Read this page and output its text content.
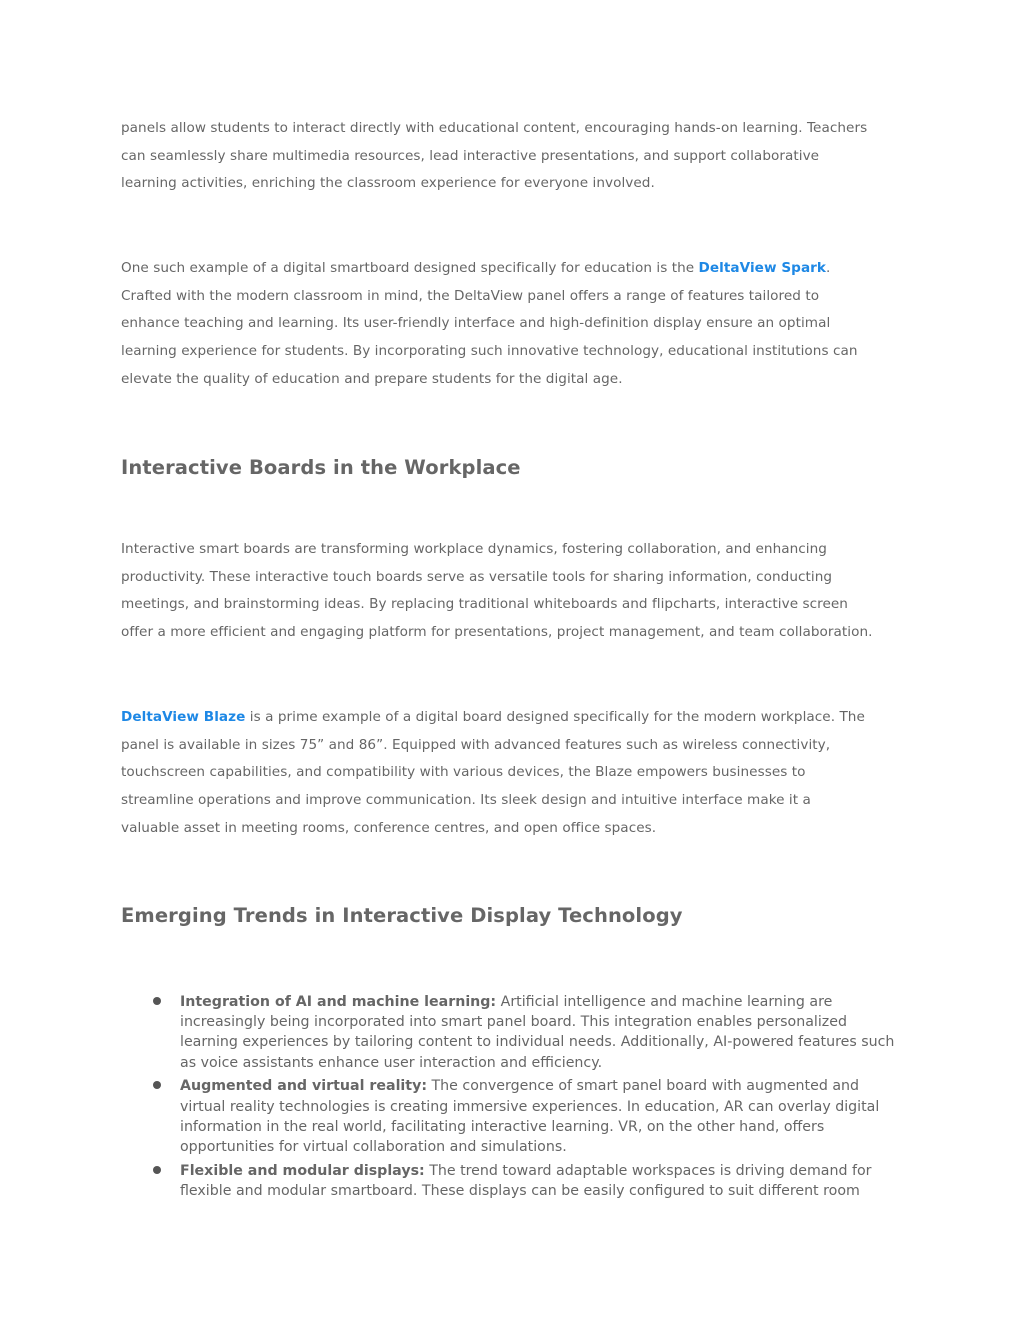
panels allow students to interact directly with educational content, encouraging hands-on learning. Teachers

can seamlessly share multimedia resources, lead interactive presentations, and support collaborative

learning activities, enriching the classroom experience for everyone involved.

One such example of a digital smartboard designed specifically for education is the DeltaView Spark.

Crafted with the modern classroom in mind, the DeltaView panel offers a range of features tailored to

enhance teaching and learning. Its user-friendly interface and high-definition display ensure an optimal

learning experience for students. By incorporating such innovative technology, educational institutions can

elevate the quality of education and prepare students for the digital age.

Interactive Boards in the Workplace

Interactive smart boards are transforming workplace dynamics, fostering collaboration, and enhancing

productivity. These interactive touch boards serve as versatile tools for sharing information, conducting

meetings, and brainstorming ideas. By replacing traditional whiteboards and flipcharts, interactive screen

offer a more efficient and engaging platform for presentations, project management, and team collaboration.

DeltaView Blaze is a prime example of a digital board designed specifically for the modern workplace. The

panel is available in sizes 75” and 86”. Equipped with advanced features such as wireless connectivity,

touchscreen capabilities, and compatibility with various devices, the Blaze empowers businesses to

streamline operations and improve communication. Its sleek design and intuitive interface make it a

valuable asset in meeting rooms, conference centres, and open office spaces.

Emerging Trends in Interactive Display Technology
Integration of AI and machine learning: Artificial intelligence and machine learning are
increasingly being incorporated into smart panel board. This integration enables personalized
learning experiences by tailoring content to individual needs. Additionally, AI-powered features such
as voice assistants enhance user interaction and efficiency.
Augmented and virtual reality: The convergence of smart panel board with augmented and
virtual reality technologies is creating immersive experiences. In education, AR can overlay digital
information in the real world, facilitating interactive learning. VR, on the other hand, offers
opportunities for virtual collaboration and simulations.
Flexible and modular displays: The trend toward adaptable workspaces is driving demand for
flexible and modular smartboard. These displays can be easily configured to suit different room
